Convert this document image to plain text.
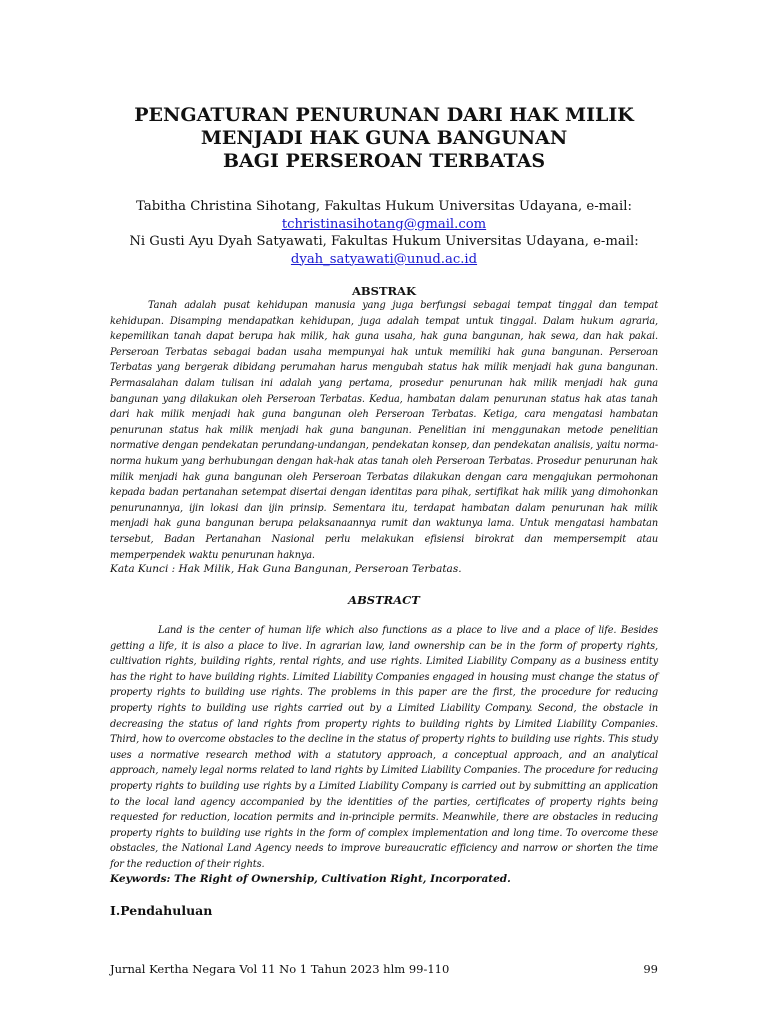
PENGATURAN PENURUNAN DARI HAK MILIK
MENJADI HAK GUNA BANGUNAN
BAGI PERSEROAN TERBATAS
Tabitha Christina Sihotang, Fakultas Hukum Universitas Udayana, e-mail:
tchristinasihotang@gmail.com
Ni Gusti Ayu Dyah Satyawati, Fakultas Hukum Universitas Udayana, e-mail:
dyah_satyawati@unud.ac.id
ABSTRAK
Tanah adalah pusat kehidupan manusia yang juga berfungsi sebagai tempat tinggal dan tempat kehidupan. Disamping mendapatkan kehidupan, juga adalah tempat untuk tinggal. Dalam hukum agraria, kepemilikan tanah dapat berupa hak milik, hak guna usaha, hak guna bangunan, hak sewa, dan hak pakai. Perseroan Terbatas sebagai badan usaha mempunyai hak untuk memiliki hak guna bangunan. Perseroan Terbatas yang bergerak dibidang perumahan harus mengubah status hak milik menjadi hak guna bangunan. Permasalahan dalam tulisan ini adalah yang pertama, prosedur penurunan hak milik menjadi hak guna bangunan yang dilakukan oleh Perseroan Terbatas. Kedua, hambatan dalam penurunan status hak atas tanah dari hak milik menjadi hak guna bangunan oleh Perseroan Terbatas. Ketiga, cara mengatasi hambatan penurunan status hak milik menjadi hak guna bangunan. Penelitian ini menggunakan metode penelitian normative dengan pendekatan perundang-undangan, pendekatan konsep, dan pendekatan analisis, yaitu norma-norma hukum yang berhubungan dengan hak-hak atas tanah oleh Perseroan Terbatas. Prosedur penurunan hak milik menjadi hak guna bangunan oleh Perseroan Terbatas dilakukan dengan cara mengajukan permohonan kepada badan pertanahan setempat disertai dengan identitas para pihak, sertifikat hak milik yang dimohonkan penurunannya, ijin lokasi dan ijin prinsip. Sementara itu, terdapat hambatan dalam penurunan hak milik menjadi hak guna bangunan berupa pelaksanaannya rumit dan waktunya lama. Untuk mengatasi hambatan tersebut, Badan Pertanahan Nasional perlu melakukan efisiensi birokrat dan mempersempit atau memperpendek waktu penurunan haknya.
Kata Kunci : Hak Milik, Hak Guna Bangunan, Perseroan Terbatas.
ABSTRACT
Land is the center of human life which also functions as a place to live and a place of life. Besides getting a life, it is also a place to live. In agrarian law, land ownership can be in the form of property rights, cultivation rights, building rights, rental rights, and use rights. Limited Liability Company as a business entity has the right to have building rights. Limited Liability Companies engaged in housing must change the status of property rights to building use rights. The problems in this paper are the first, the procedure for reducing property rights to building use rights carried out by a Limited Liability Company. Second, the obstacle in decreasing the status of land rights from property rights to building rights by Limited Liability Companies. Third, how to overcome obstacles to the decline in the status of property rights to building use rights. This study uses a normative research method with a statutory approach, a conceptual approach, and an analytical approach, namely legal norms related to land rights by Limited Liability Companies. The procedure for reducing property rights to building use rights by a Limited Liability Company is carried out by submitting an application to the local land agency accompanied by the identities of the parties, certificates of property rights being requested for reduction, location permits and in-principle permits. Meanwhile, there are obstacles in reducing property rights to building use rights in the form of complex implementation and long time. To overcome these obstacles, the National Land Agency needs to improve bureaucratic efficiency and narrow or shorten the time for the reduction of their rights.
Keywords: The Right of Ownership, Cultivation Right, Incorporated.
I.Pendahuluan
Jurnal Kertha Negara Vol 11 No 1 Tahun 2023 hlm 99-110	99
